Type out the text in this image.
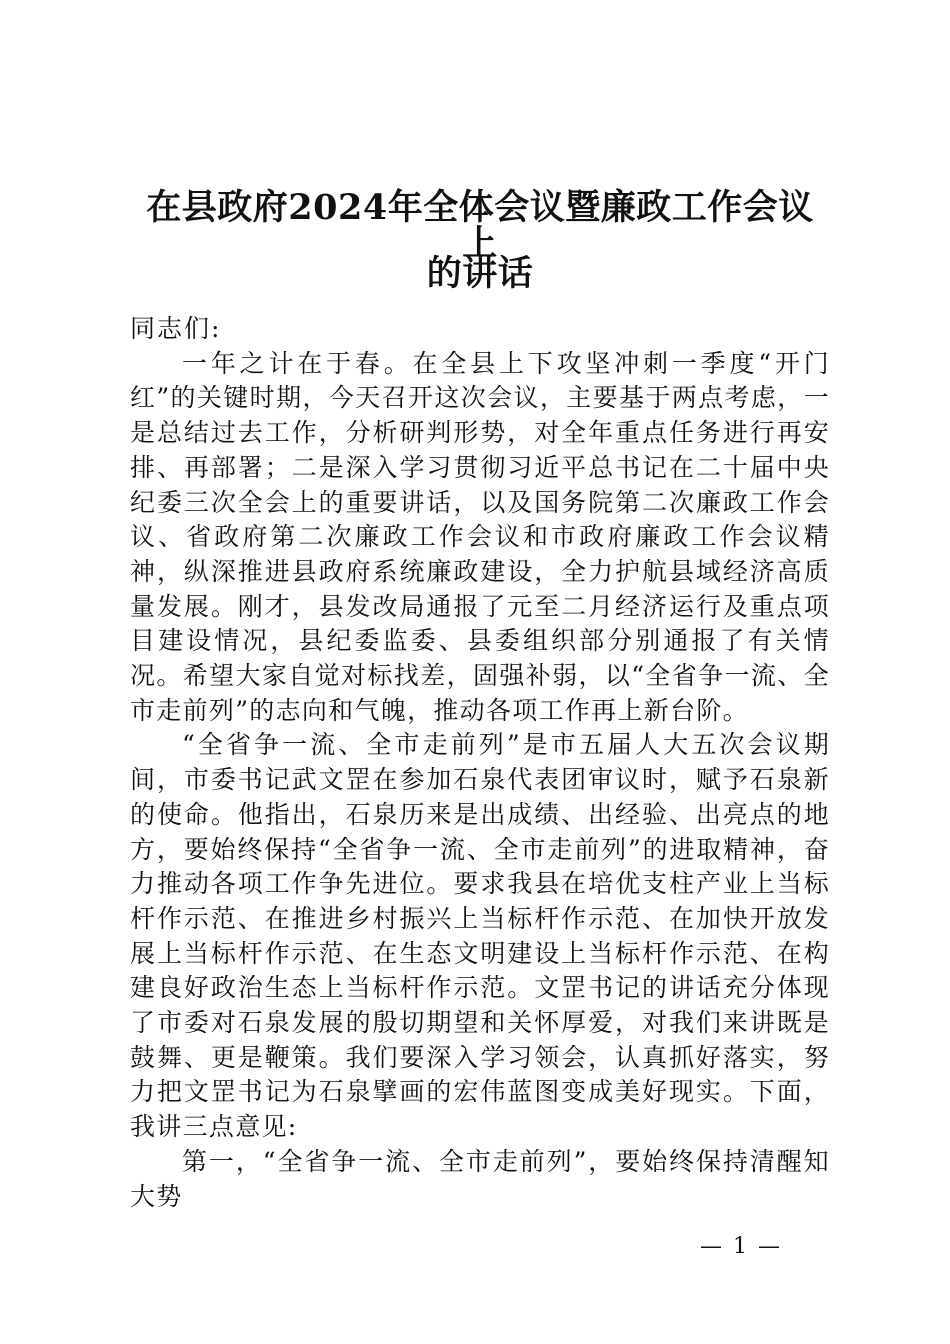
在县政府2024年全体会议暨廉政工作会议上
的讲话

同志们:

一年之计在于春。在全县上下攻坚冲刺一季度“开门红”的关键时期，今天召开这次会议，主要基于两点考虑，一是总结过去工作，分析研判形势，对全年重点任务进行再安排、再部署；二是深入学习贯彻习近平总书记在二十届中央纪委三次全会上的重要讲话，以及国务院第二次廉政工作会议、省政府第二次廉政工作会议和市政府廉政工作会议精神，纵深推进县政府系统廉政建设，全力护航县域经济高质量发展。刚才，县发改局通报了元至二月经济运行及重点项目建设情况，县纪委监委、县委组织部分别通报了有关情况。希望大家自觉对标找差，固强补弱，以“全省争一流、全市走前列”的志向和气魄，推动各项工作再上新台阶。

“全省争一流、全市走前列”是市五届人大五次会议期间，市委书记武文罡在参加石泉代表团审议时，赋予石泉新的使命。他指出，石泉历来是出成绩、出经验、出亮点的地方，要始终保持“全省争一流、全市走前列”的进取精神，奋力推动各项工作争先进位。要求我县在培优支柱产业上当标杆作示范、在推进乡村振兴上当标杆作示范、在加快开放发展上当标杆作示范、在生态文明建设上当标杆作示范、在构建良好政治生态上当标杆作示范。文罡书记的讲话充分体现了市委对石泉发展的殷切期望和关怀厚爱，对我们来讲既是鼓舞、更是鞭策。我们要深入学习领会，认真抓好落实，努力把文罡书记为石泉擘画的宏伟蓝图变成美好现实。下面，我讲三点意见:

第一，“全省争一流、全市走前列”，要始终保持清醒知大势

— 1 —
